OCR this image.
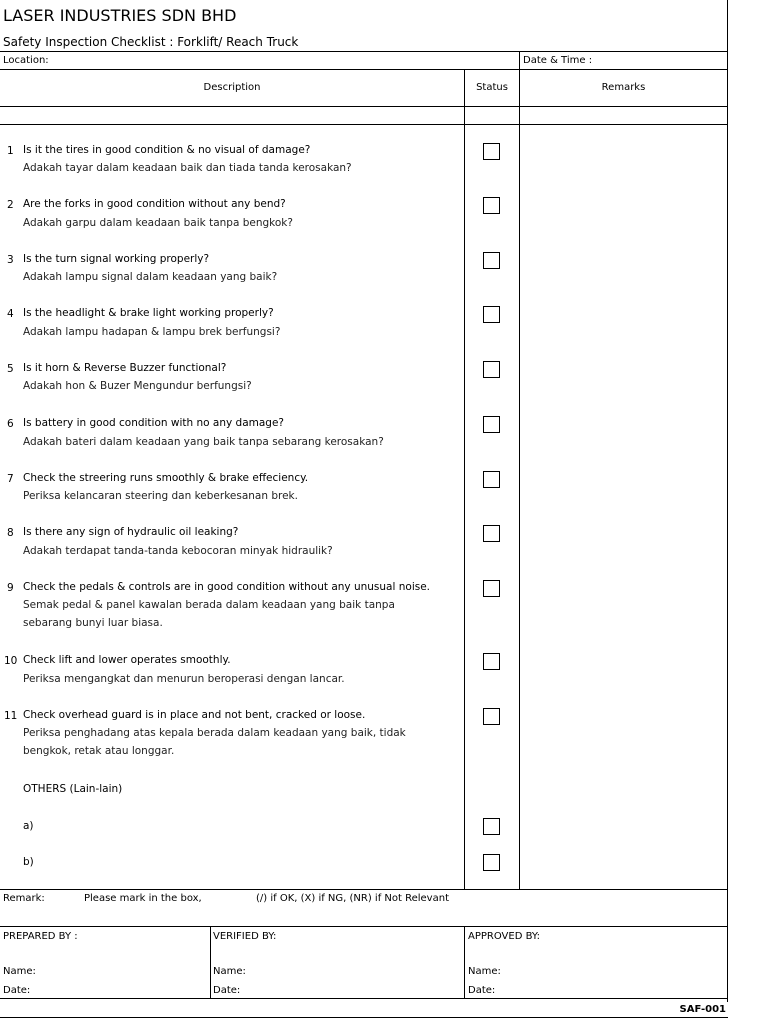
LASER INDUSTRIES SDN BHD
Safety Inspection Checklist : Forklift/ Reach Truck
Location:	Date & Time :
Description	Status	Remarks
1 Is it the tires in good condition & no visual of damage?
Adakah tayar dalam keadaan baik dan tiada tanda kerosakan?
2 Are the forks in good condition without any bend?
Adakah garpu dalam keadaan baik tanpa bengkok?
3 Is the turn signal working properly?
Adakah lampu signal dalam keadaan yang baik?
4 Is the headlight & brake light working properly?
Adakah lampu hadapan & lampu brek berfungsi?
5 Is it horn & Reverse Buzzer functional?
Adakah hon & Buzer Mengundur berfungsi?
6 Is battery in good condition with no any damage?
Adakah bateri dalam keadaan yang baik tanpa sebarang kerosakan?
7 Check the streering runs smoothly & brake effeciency.
Periksa kelancaran steering dan keberkesanan brek.
8 Is there any sign of hydraulic oil leaking?
Adakah terdapat tanda-tanda kebocoran minyak hidraulik?
9 Check the pedals & controls are in good condition without any unusual noise.
Semak pedal & panel kawalan berada dalam keadaan yang baik tanpa
sebarang bunyi luar biasa.
10 Check lift and lower operates smoothly.
Periksa mengangkat dan menurun beroperasi dengan lancar.
11 Check overhead guard is in place and not bent, cracked or loose.
Periksa penghadang atas kepala berada dalam keadaan yang baik, tidak
bengkok, retak atau longgar.
OTHERS (Lain-lain)
a)
b)
Remark:	Please mark in the box,	(/) if OK, (X) if NG, (NR) if Not Relevant
PREPARED BY :	VERIFIED BY:	APPROVED BY:
Name:	Name:	Name:
Date:	Date:	Date:
SAF-001
